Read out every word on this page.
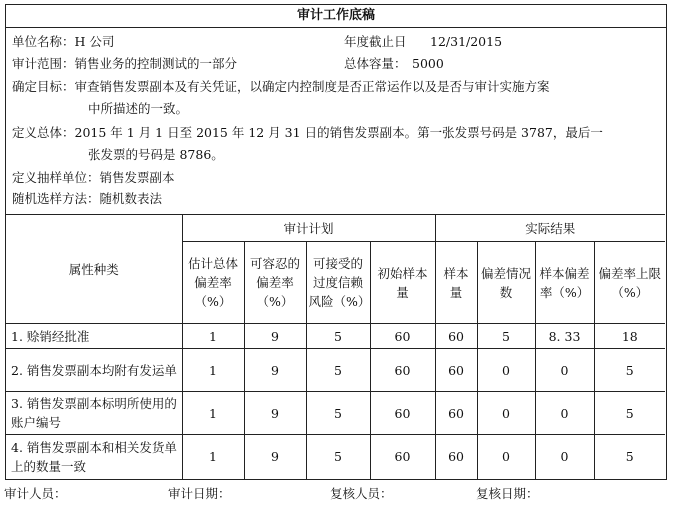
审计工作底稿
单位名称：H 公司	年度截止日 12/31/2015
审计范围：销售业务的控制测试的一部分	总体容量： 5000
确定目标：审查销售发票副本及有关凭证，以确定内控制度是否正常运作以及是否与审计实施方案
中所描述的一致。
定义总体：2015 年 1 月 1 日至 2015 年 12 月 31 日的销售发票副本。第一张发票号码是 3787，最后一
张发票的号码是 8786。
定义抽样单位：销售发票副本
随机选样方法：随机数表法
属性种类	审计计划				实际结果			
	估计总体偏差率（%）	可容忍的偏差率（%）	可接受的过度信赖风险（%）	初始样本量	样本量	偏差情况数	样本偏差率（%）	偏差率上限（%）
1. 赊销经批准	1	9	5	60	60	5	8. 33	18
2. 销售发票副本均附有发运单	1	9	5	60	60	0	0	5
3. 销售发票副本标明所使用的账户编号	1	9	5	60	60	0	0	5
4. 销售发票副本和相关发货单上的数量一致	1	9	5	60	60	0	0	5
审计人员：	审计日期：	复核人员：	复核日期：
